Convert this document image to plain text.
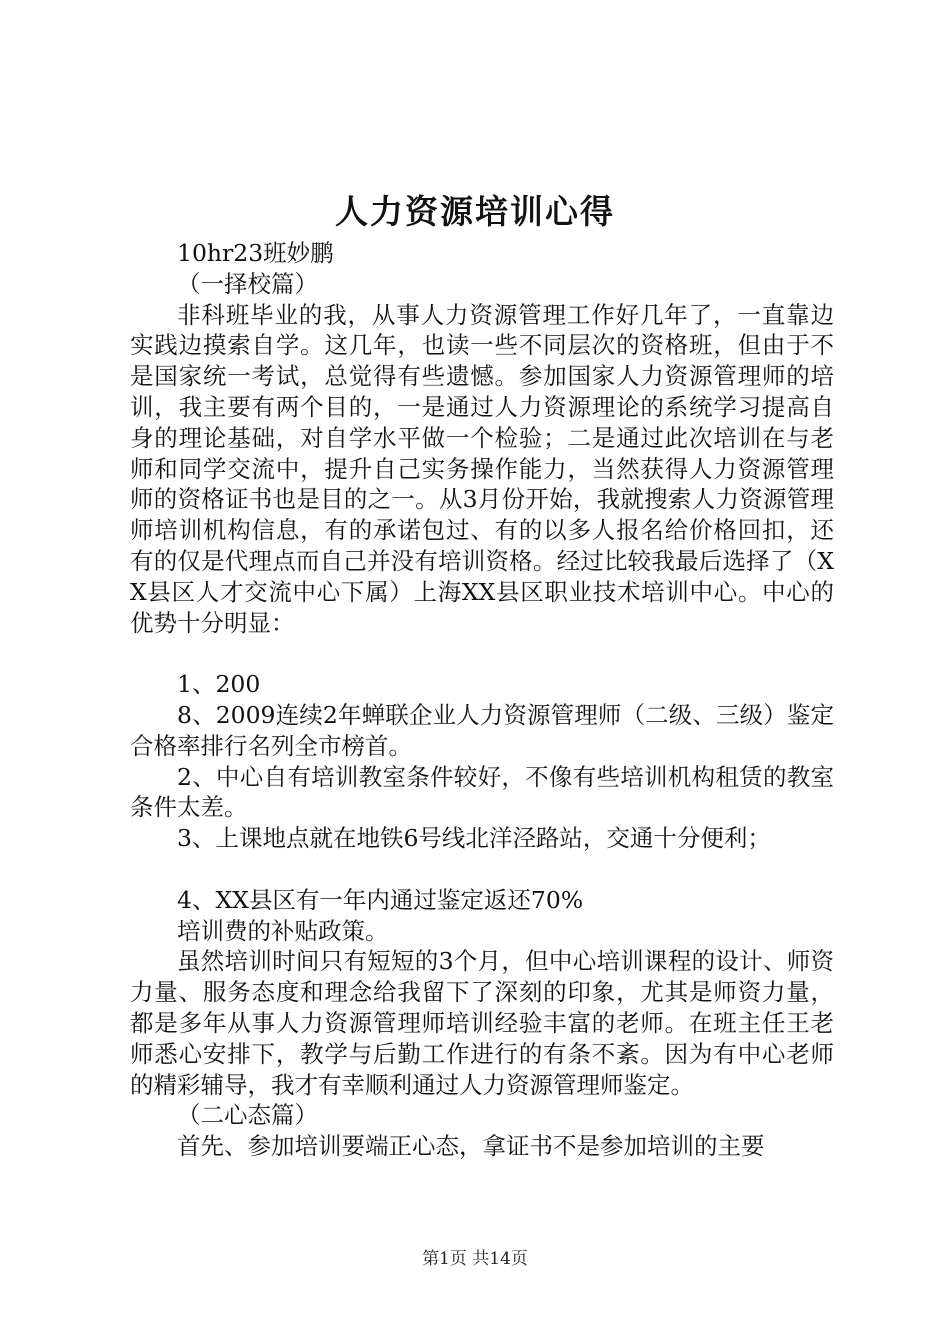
人力资源培训心得

10hr23班妙鹏

（一择校篇）

非科班毕业的我，从事人力资源管理工作好几年了，一直靠边实践边摸索自学。这几年，也读一些不同层次的资格班，但由于不是国家统一考试，总觉得有些遗憾。参加国家人力资源管理师的培训，我主要有两个目的，一是通过人力资源理论的系统学习提高自身的理论基础，对自学水平做一个检验；二是通过此次培训在与老师和同学交流中，提升自己实务操作能力，当然获得人力资源管理师的资格证书也是目的之一。从3月份开始，我就搜索人力资源管理师培训机构信息，有的承诺包过、有的以多人报名给价格回扣，还有的仅是代理点而自己并没有培训资格。经过比较我最后选择了（XX县区人才交流中心下属）上海XX县区职业技术培训中心。中心的优势十分明显：

1、200

8、2009连续2年蝉联企业人力资源管理师（二级、三级）鉴定合格率排行名列全市榜首。

2、中心自有培训教室条件较好，不像有些培训机构租赁的教室条件太差。

3、上课地点就在地铁6号线北洋泾路站，交通十分便利；

4、XX县区有一年内通过鉴定返还70%

培训费的补贴政策。

虽然培训时间只有短短的3个月，但中心培训课程的设计、师资力量、服务态度和理念给我留下了深刻的印象，尤其是师资力量，都是多年从事人力资源管理师培训经验丰富的老师。在班主任王老师悉心安排下，教学与后勤工作进行的有条不紊。因为有中心老师的精彩辅导，我才有幸顺利通过人力资源管理师鉴定。

（二心态篇）

首先、参加培训要端正心态，拿证书不是参加培训的主要

第1页 共14页
